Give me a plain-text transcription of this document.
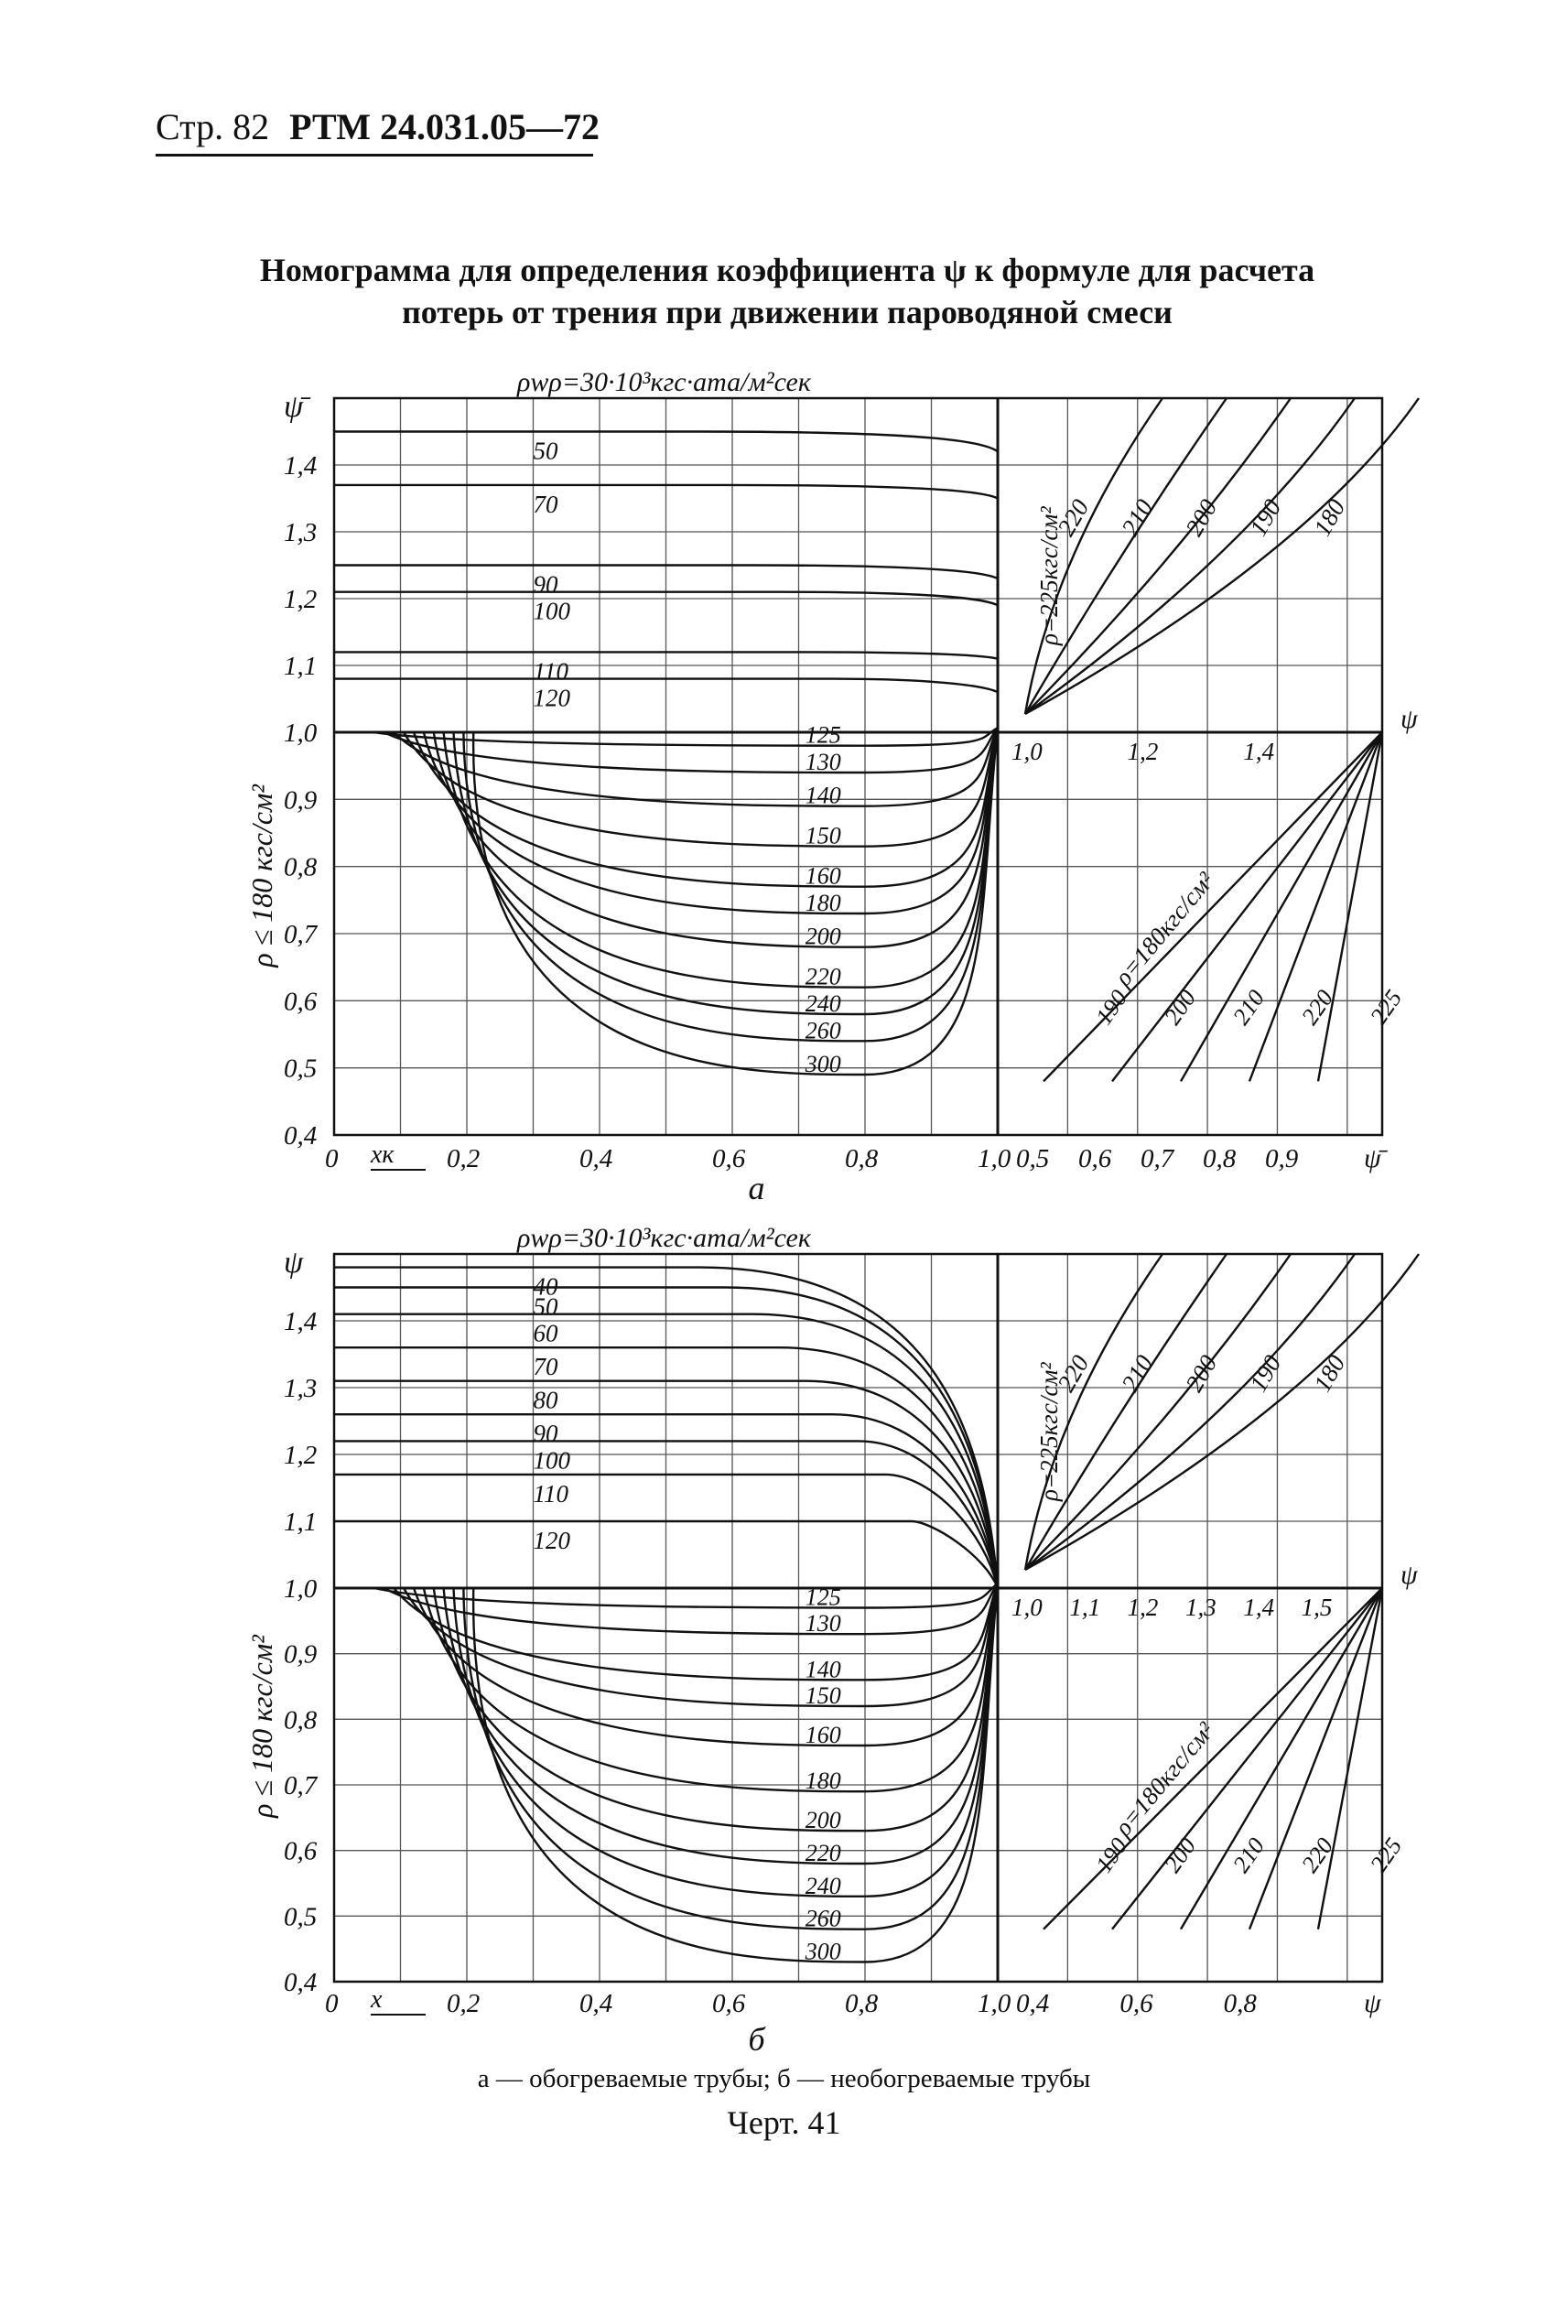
Стр. 82 РТМ 24.031.05—72
Номограмма для определения коэффициента ψ к формуле для расчета
потерь от трения при движении пароводяной смеси
1,4
1,3
1,2
1,1
1,0
0,9
0,8
0,7
0,6
0,5
0,4
ψ̄
ρ ≤ 180 кгс/см²
0	0,2	0,4	0,6	0,8	1,0
xк	0,5 0,6 0,7 0,8 0,9 ψ̄
ψ
1,0	1,2	1,4
ρwρ=30·10³кгс·ата/м²сек
50
70
90
100
110
120
125
130
140
150
160
180
200
220
240
260
300
220 210 200 190 180
ρ=225кгс/см²
190 200 210 220 225
ρ=180кгс/см²
а
1,4
1,3
1,2
1,1
1,0
0,9
0,8
0,7
0,6
0,5
0,4
ψ
ρ ≤ 180 кгс/см²
0	0,2	0,4	0,6	0,8	1,0
x	0,4	0,6	0,8	ψ
ψ
1,0 1,1 1,2 1,3 1,4 1,5
ρwρ=30·10³кгс·ата/м²сек
40
50
60
70
80
90
100
110
120
125
130
140
150
160
180
200
220
240
260
300
220 210 200 190 180
ρ=225кгс/см²
190 200 210 220 225
ρ=180кгс/см²
б
а — обогреваемые трубы; б — необогреваемые трубы
Черт. 41
